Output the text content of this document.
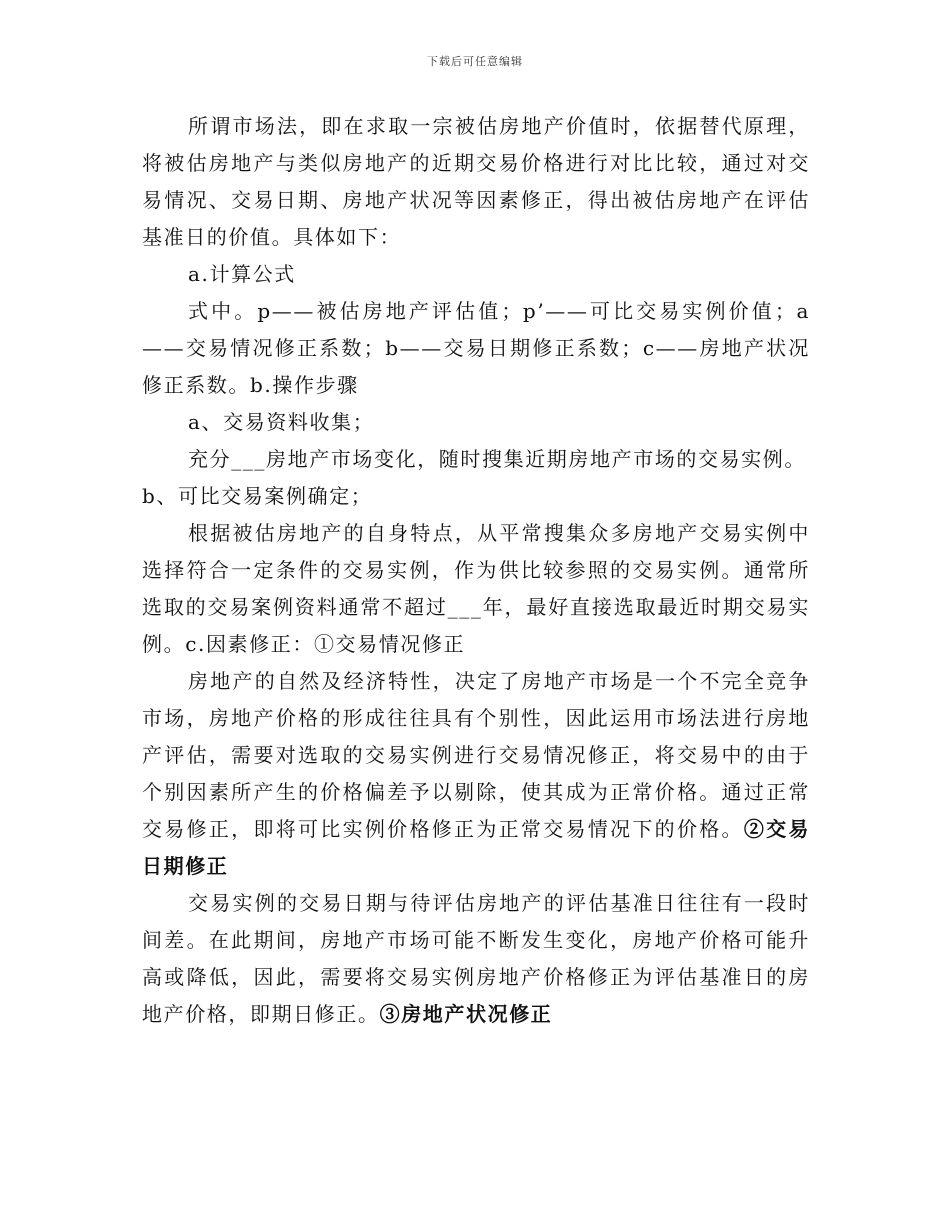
下载后可任意编辑

所谓市场法，即在求取一宗被估房地产价值时，依据替代原理，将被估房地产与类似房地产的近期交易价格进行对比比较，通过对交易情况、交易日期、房地产状况等因素修正，得出被估房地产在评估基准日的价值。具体如下：

a.计算公式

式中。p——被估房地产评估值；p’——可比交易实例价值；a——交易情况修正系数；b——交易日期修正系数；c——房地产状况修正系数。b.操作步骤

a、交易资料收集；

充分___房地产市场变化，随时搜集近期房地产市场的交易实例。

b、可比交易案例确定；

根据被估房地产的自身特点，从平常搜集众多房地产交易实例中选择符合一定条件的交易实例，作为供比较参照的交易实例。通常所选取的交易案例资料通常不超过___年，最好直接选取最近时期交易实例。c.因素修正：①交易情况修正

房地产的自然及经济特性，决定了房地产市场是一个不完全竞争市场，房地产价格的形成往往具有个别性，因此运用市场法进行房地产评估，需要对选取的交易实例进行交易情况修正，将交易中的由于个别因素所产生的价格偏差予以剔除，使其成为正常价格。通过正常交易修正，即将可比实例价格修正为正常交易情况下的价格。②交易日期修正

交易实例的交易日期与待评估房地产的评估基准日往往有一段时间差。在此期间，房地产市场可能不断发生变化，房地产价格可能升高或降低，因此，需要将交易实例房地产价格修正为评估基准日的房地产价格，即期日修正。③房地产状况修正
